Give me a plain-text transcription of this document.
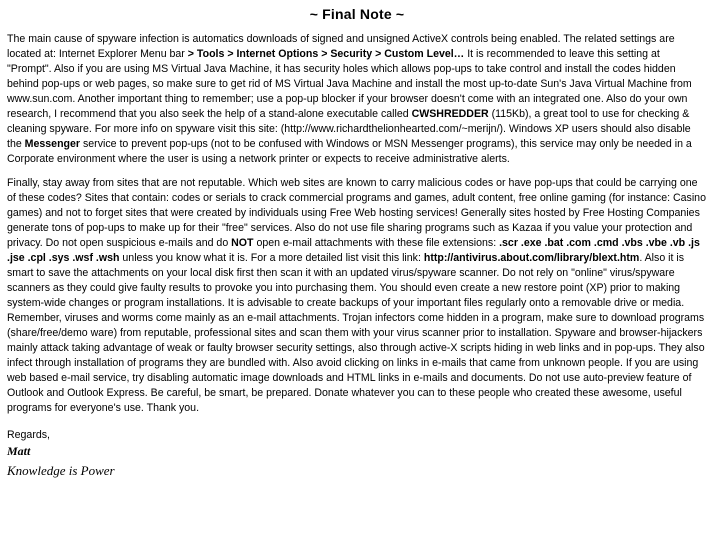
~ Final Note ~

The main cause of spyware infection is automatics downloads of signed and unsigned ActiveX controls being enabled. The related settings are located at: Internet Explorer Menu bar > Tools > Internet Options > Security > Custom Level… It is recommended to leave this setting at "Prompt". Also if you are using MS Virtual Java Machine, it has security holes which allows pop-ups to take control and install the codes hidden behind pop-ups or web pages, so make sure to get rid of MS Virtual Java Machine and install the most up-to-date Sun's Java Virtual Machine from www.sun.com. Another important thing to remember; use a pop-up blocker if your browser doesn't come with an integrated one. Also do your own research, I recommend that you also seek the help of a stand-alone executable called CWSHREDDER (115Kb), a great tool to use for checking & cleaning spyware. For more info on spyware visit this site: (http://www.richardthelionhearted.com/~merijn/). Windows XP users should also disable the Messenger service to prevent pop-ups (not to be confused with Windows or MSN Messenger programs), this service may only be needed in a Corporate environment where the user is using a network printer or expects to receive administrative alerts.

Finally, stay away from sites that are not reputable. Which web sites are known to carry malicious codes or have pop-ups that could be carrying one of these codes? Sites that contain: codes or serials to crack commercial programs and games, adult content, free online gaming (for instance: Casino games) and not to forget sites that were created by individuals using Free Web hosting services! Generally sites hosted by Free Hosting Companies generate tons of pop-ups to make up for their "free" services. Also do not use file sharing programs such as Kazaa if you value your protection and privacy. Do not open suspicious e-mails and do NOT open e-mail attachments with these file extensions: .scr .exe .bat .com .cmd .vbs .vbe .vb .js .jse .cpl .sys .wsf .wsh unless you know what it is. For a more detailed list visit this link: http://antivirus.about.com/library/blext.htm. Also it is smart to save the attachments on your local disk first then scan it with an updated virus/spyware scanner. Do not rely on "online" virus/spyware scanners as they could give faulty results to provoke you into purchasing them. You should even create a new restore point (XP) prior to making system-wide changes or program installations. It is advisable to create backups of your important files regularly onto a removable drive or media. Remember, viruses and worms come mainly as an e-mail attachments. Trojan infectors come hidden in a program, make sure to download programs (share/free/demo ware) from reputable, professional sites and scan them with your virus scanner prior to installation. Spyware and browser-hijackers mainly attack taking advantage of weak or faulty browser security settings, also through active-X scripts hiding in web links and in pop-ups. They also infect through installation of programs they are bundled with. Also avoid clicking on links in e-mails that came from unknown people. If you are using web based e-mail service, try disabling automatic image downloads and HTML links in e-mails and documents. Do not use auto-preview feature of Outlook and Outlook Express. Be careful, be smart, be prepared. Donate whatever you can to these people who created these awesome, useful programs for everyone's use. Thank you.

Regards,
Matt
Knowledge is Power
